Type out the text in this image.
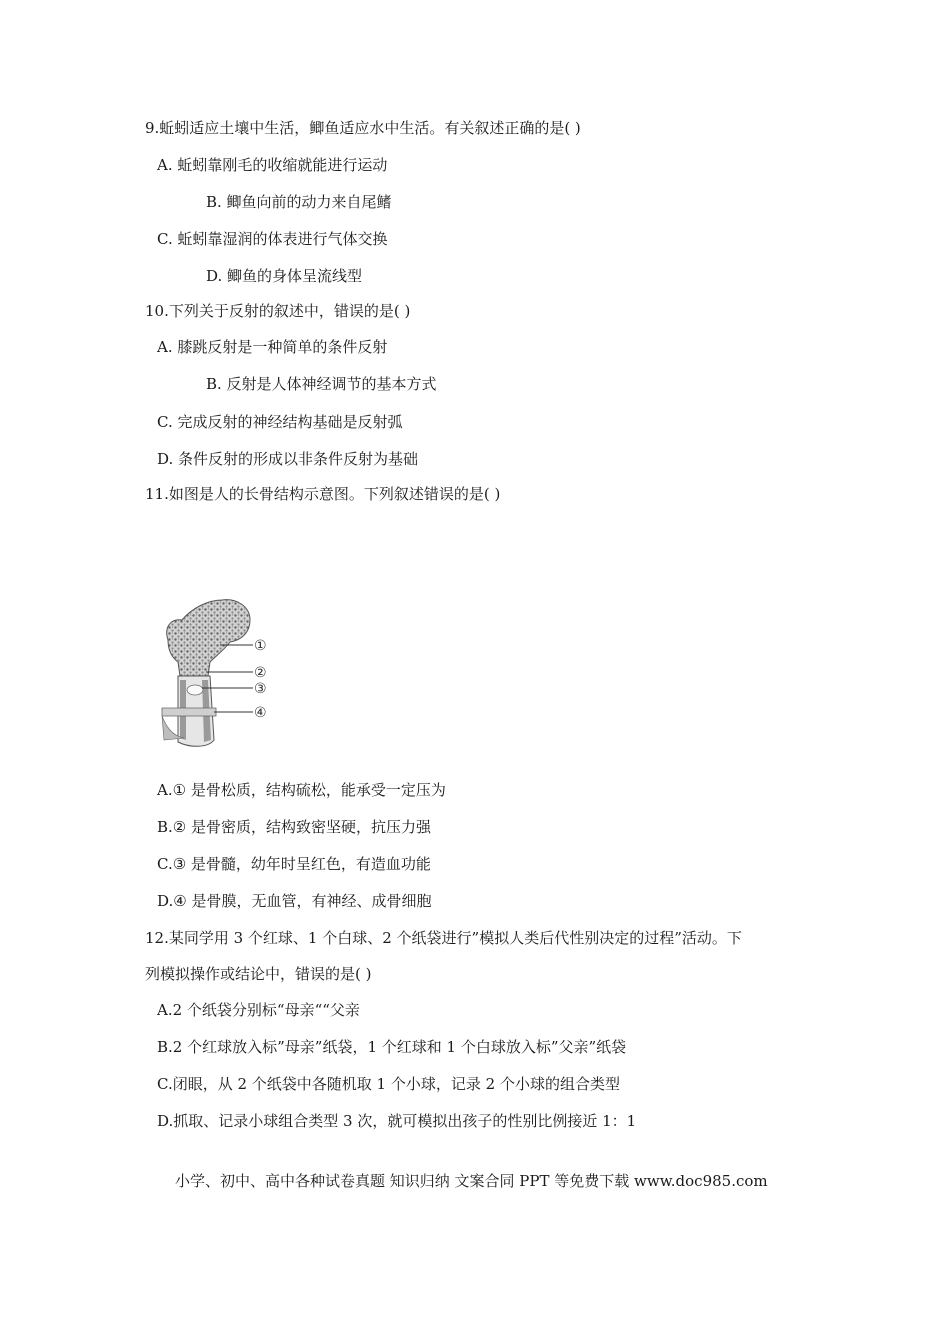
9.蚯蚓适应土壤中生活，鲫鱼适应水中生活。有关叙述正确的是( )
A. 蚯蚓靠刚毛的收缩就能进行运动
B. 鲫鱼向前的动力来自尾鳍
C. 蚯蚓靠湿润的体表进行气体交换
D. 鲫鱼的身体呈流线型
10.下列关于反射的叙述中，错误的是( )
A. 膝跳反射是一种简单的条件反射
B. 反射是人体神经调节的基本方式
C. 完成反射的神经结构基础是反射弧
D. 条件反射的形成以非条件反射为基础
11.如图是人的长骨结构示意图。下列叙述错误的是( )
①
②
③
④
A.① 是骨松质，结构硫松，能承受一定压为
B.② 是骨密质，结构致密坚硬，抗压力强
C.③ 是骨髓，幼年时呈红色，有造血功能
D.④ 是骨膜，无血管，有神经、成骨细胞
12.某同学用 3 个红球、1 个白球、2 个纸袋进行”模拟人类后代性别决定的过程”活动。下
列模拟操作或结论中，错误的是( )
A.2 个纸袋分别标“母亲““父亲
B.2 个红球放入标”母亲”纸袋，1 个红球和 1 个白球放入标”父亲”纸袋
C.闭眼，从 2 个纸袋中各随机取 1 个小球，记录 2 个小球的组合类型
D.抓取、记录小球组合类型 3 次，就可模拟出孩子的性别比例接近 1：1
小学、初中、高中各种试卷真题 知识归纳 文案合同 PPT 等免费下载 www.doc985.com
